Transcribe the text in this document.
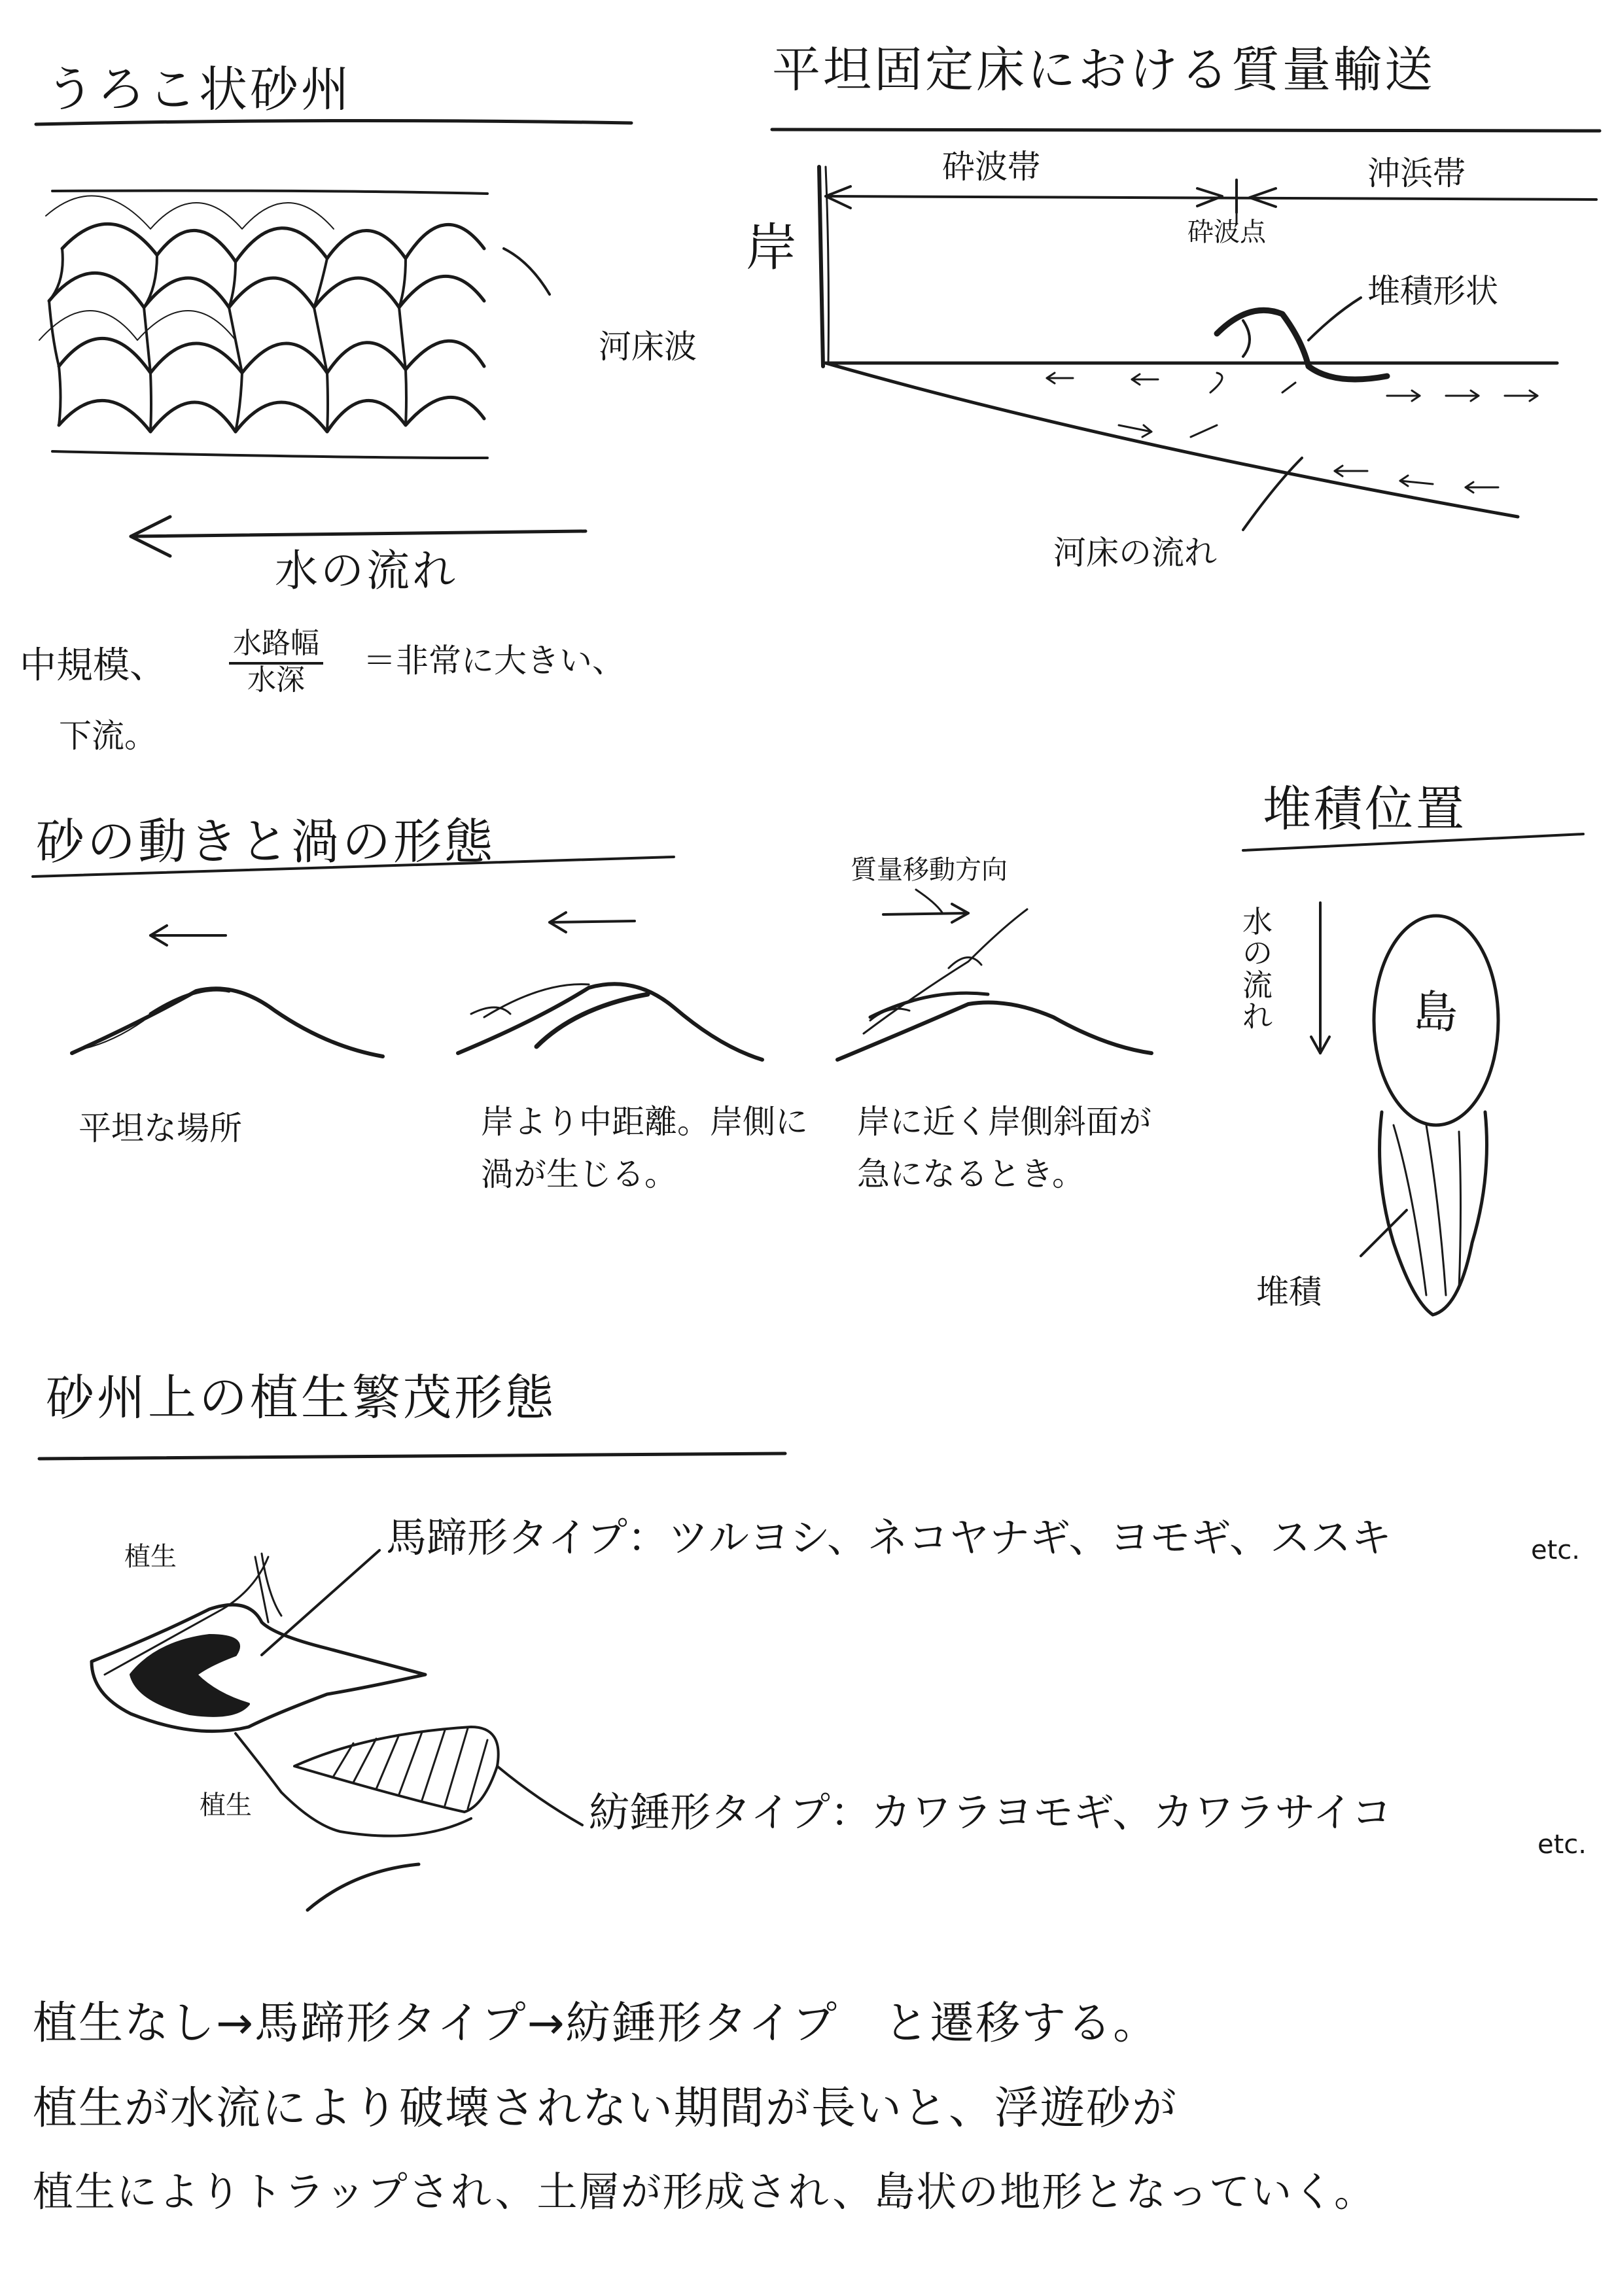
うろこ状砂州	平坦固定床における質量輸送
砂の動きと渦の形態
堆積位置
砂州上の植生繁茂形態
河床波
水の流れ
中規模、
水路幅
水深
＝非常に大きい、
下流。
岸
砕波帯	沖浜帯
砕波点
堆積形状
河床の流れ
質量移動方向
平坦な場所	岸より中距離。岸側に
渦が生じる。
岸に近く岸側斜面が
急になるとき。
水の流れ	島
堆積
植生
植生
馬蹄形タイプ：ツルヨシ、ネコヤナギ、ヨモギ、ススキ	etc.
紡錘形タイプ：カワラヨモギ、カワラサイコ
etc.
植生なし→馬蹄形タイプ→紡錘形タイプ　と遷移する。
植生が水流により破壊されない期間が長いと、浮遊砂が
植生によりトラップされ、土層が形成され、島状の地形となっていく。
